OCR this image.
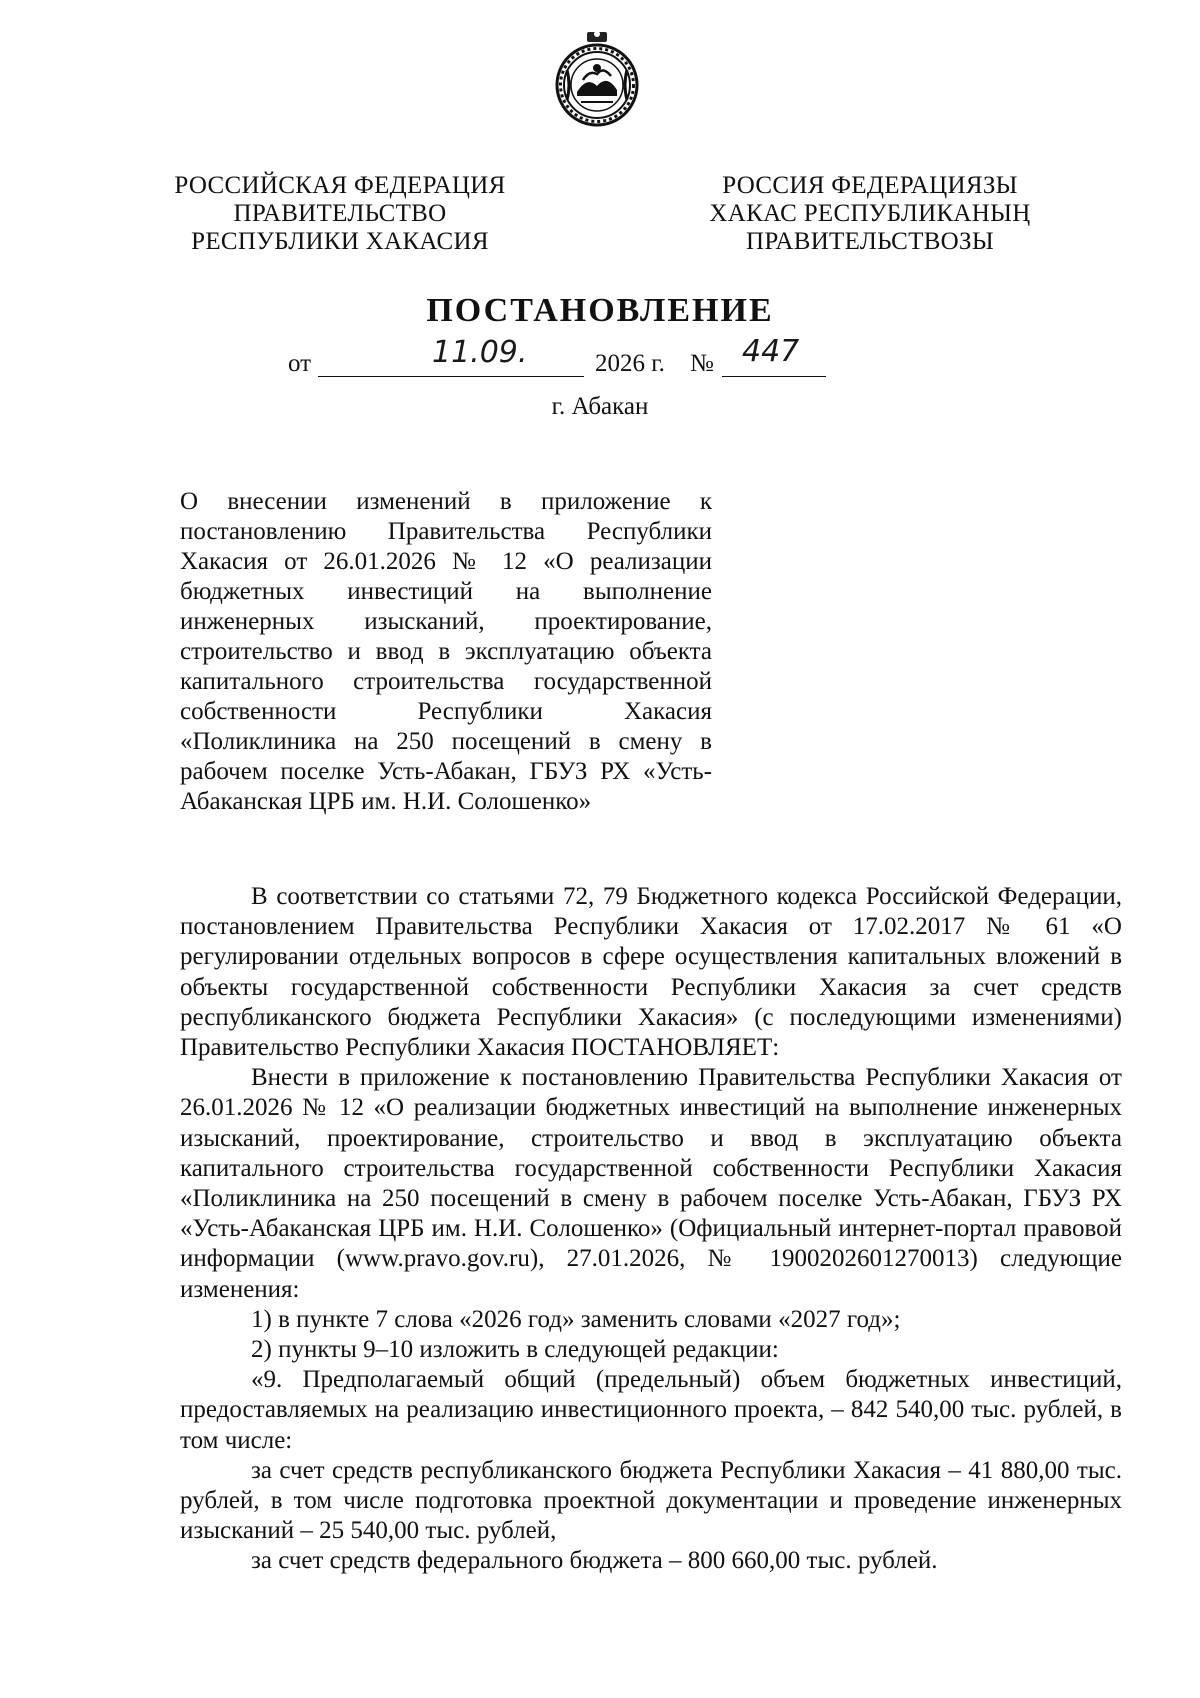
РОССИЙСКАЯ ФЕДЕРАЦИЯ
ПРАВИТЕЛЬСТВО
РЕСПУБЛИКИ ХАКАСИЯ
РОССИЯ ФЕДЕРАЦИЯЗЫ
ХАКАС РЕСПУБЛИКАНЫҢ
ПРАВИТЕЛЬСТВОЗЫ
ПОСТАНОВЛЕНИЕ
от	11.09.	2026 г. № 447
г. Абакан

О внесении изменений в приложение к постановлению Правительства Республики Хакасия от 26.01.2026 № 12 «О реализации бюджетных инвестиций на выполнение инженерных изысканий, проектирование, строительство и ввод в эксплуатацию объекта капитального строительства государственной собственности Республики Хакасия «Поликлиника на 250 посещений в смену в рабочем поселке Усть-Абакан, ГБУЗ РХ «Усть-Абаканская ЦРБ им. Н.И. Солошенко»

В соответствии со статьями 72, 79 Бюджетного кодекса Российской Федерации, постановлением Правительства Республики Хакасия от 17.02.2017 № 61 «О регулировании отдельных вопросов в сфере осуществления капитальных вложений в объекты государственной собственности Республики Хакасия за счет средств республиканского бюджета Республики Хакасия» (с последующими изменениями) Правительство Республики Хакасия ПОСТАНОВЛЯЕТ:

Внести в приложение к постановлению Правительства Республики Хакасия от 26.01.2026 № 12 «О реализации бюджетных инвестиций на выполнение инженерных изысканий, проектирование, строительство и ввод в эксплуатацию объекта капитального строительства государственной собственности Республики Хакасия «Поликлиника на 250 посещений в смену в рабочем поселке Усть-Абакан, ГБУЗ РХ «Усть-Абаканская ЦРБ им. Н.И. Солошенко» (Официальный интернет-портал правовой информации (www.pravo.gov.ru), 27.01.2026, № 1900202601270013) следующие изменения:

1) в пункте 7 слова «2026 год» заменить словами «2027 год»;

2) пункты 9–10 изложить в следующей редакции:

«9. Предполагаемый общий (предельный) объем бюджетных инвестиций, предоставляемых на реализацию инвестиционного проекта, – 842 540,00 тыс. рублей, в том числе:

за счет средств республиканского бюджета Республики Хакасия – 41 880,00 тыс. рублей, в том числе подготовка проектной документации и проведение инженерных изысканий – 25 540,00 тыс. рублей,

за счет средств федерального бюджета – 800 660,00 тыс. рублей.
